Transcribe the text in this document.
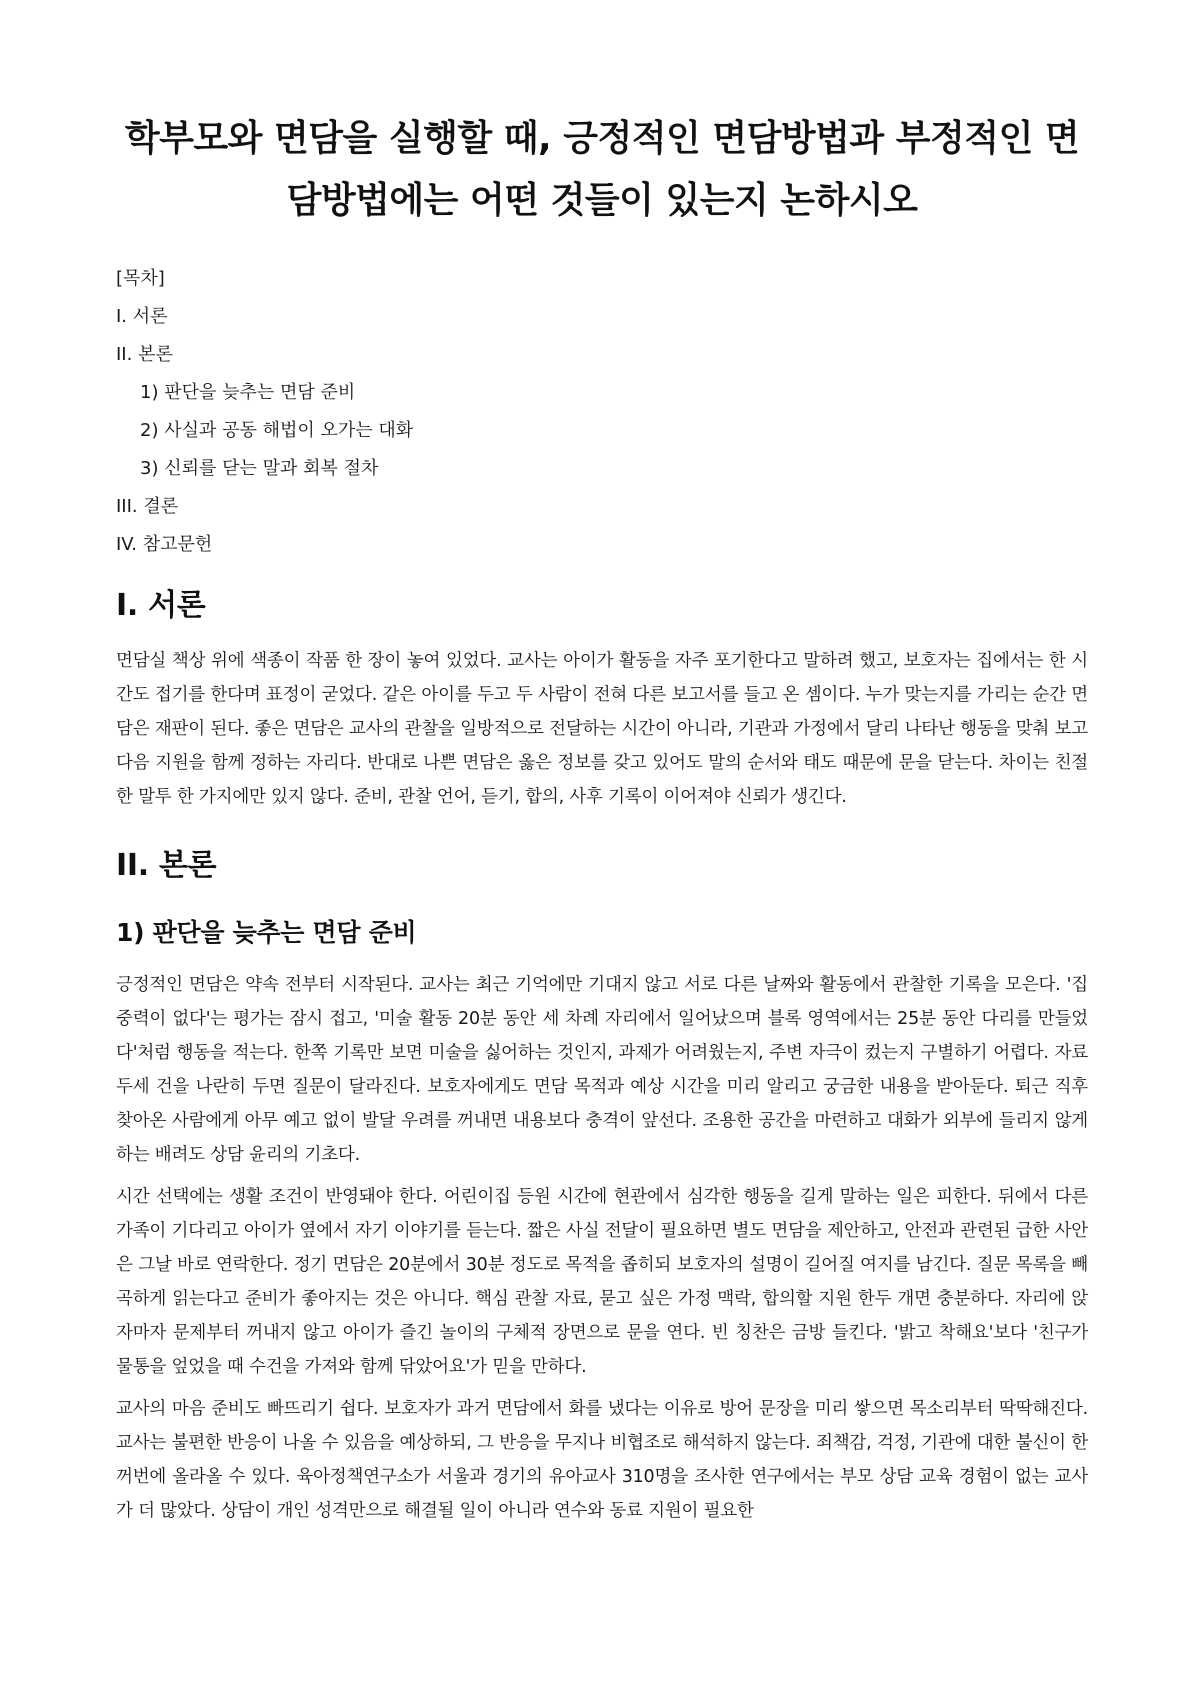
학부모와 면담을 실행할 때, 긍정적인 면담방법과 부정적인 면담방법에는 어떤 것들이 있는지 논하시오
[목차]
I. 서론
II. 본론
1) 판단을 늦추는 면담 준비
2) 사실과 공동 해법이 오가는 대화
3) 신뢰를 닫는 말과 회복 절차
III. 결론
IV. 참고문헌
I. 서론

면담실 책상 위에 색종이 작품 한 장이 놓여 있었다. 교사는 아이가 활동을 자주 포기한다고 말하려 했고, 보호자는 집에서는 한 시간도 접기를 한다며 표정이 굳었다. 같은 아이를 두고 두 사람이 전혀 다른 보고서를 들고 온 셈이다. 누가 맞는지를 가리는 순간 면담은 재판이 된다. 좋은 면담은 교사의 관찰을 일방적으로 전달하는 시간이 아니라, 기관과 가정에서 달리 나타난 행동을 맞춰 보고 다음 지원을 함께 정하는 자리다. 반대로 나쁜 면담은 옳은 정보를 갖고 있어도 말의 순서와 태도 때문에 문을 닫는다. 차이는 친절한 말투 한 가지에만 있지 않다. 준비, 관찰 언어, 듣기, 합의, 사후 기록이 이어져야 신뢰가 생긴다.

II. 본론
1) 판단을 늦추는 면담 준비

긍정적인 면담은 약속 전부터 시작된다. 교사는 최근 기억에만 기대지 않고 서로 다른 날짜와 활동에서 관찰한 기록을 모은다. '집중력이 없다'는 평가는 잠시 접고, '미술 활동 20분 동안 세 차례 자리에서 일어났으며 블록 영역에서는 25분 동안 다리를 만들었다'처럼 행동을 적는다. 한쪽 기록만 보면 미술을 싫어하는 것인지, 과제가 어려웠는지, 주변 자극이 컸는지 구별하기 어렵다. 자료 두세 건을 나란히 두면 질문이 달라진다. 보호자에게도 면담 목적과 예상 시간을 미리 알리고 궁금한 내용을 받아둔다. 퇴근 직후 찾아온 사람에게 아무 예고 없이 발달 우려를 꺼내면 내용보다 충격이 앞선다. 조용한 공간을 마련하고 대화가 외부에 들리지 않게 하는 배려도 상담 윤리의 기초다.

시간 선택에는 생활 조건이 반영돼야 한다. 어린이집 등원 시간에 현관에서 심각한 행동을 길게 말하는 일은 피한다. 뒤에서 다른 가족이 기다리고 아이가 옆에서 자기 이야기를 듣는다. 짧은 사실 전달이 필요하면 별도 면담을 제안하고, 안전과 관련된 급한 사안은 그날 바로 연락한다. 정기 면담은 20분에서 30분 정도로 목적을 좁히되 보호자의 설명이 길어질 여지를 남긴다. 질문 목록을 빼곡하게 읽는다고 준비가 좋아지는 것은 아니다. 핵심 관찰 자료, 묻고 싶은 가정 맥락, 합의할 지원 한두 개면 충분하다. 자리에 앉자마자 문제부터 꺼내지 않고 아이가 즐긴 놀이의 구체적 장면으로 문을 연다. 빈 칭찬은 금방 들킨다. '밝고 착해요'보다 '친구가 물통을 엎었을 때 수건을 가져와 함께 닦았어요'가 믿을 만하다.

교사의 마음 준비도 빠뜨리기 쉽다. 보호자가 과거 면담에서 화를 냈다는 이유로 방어 문장을 미리 쌓으면 목소리부터 딱딱해진다. 교사는 불편한 반응이 나올 수 있음을 예상하되, 그 반응을 무지나 비협조로 해석하지 않는다. 죄책감, 걱정, 기관에 대한 불신이 한꺼번에 올라올 수 있다. 육아정책연구소가 서울과 경기의 유아교사 310명을 조사한 연구에서는 부모 상담 교육 경험이 없는 교사가 더 많았다. 상담이 개인 성격만으로 해결될 일이 아니라 연수와 동료 지원이 필요한
